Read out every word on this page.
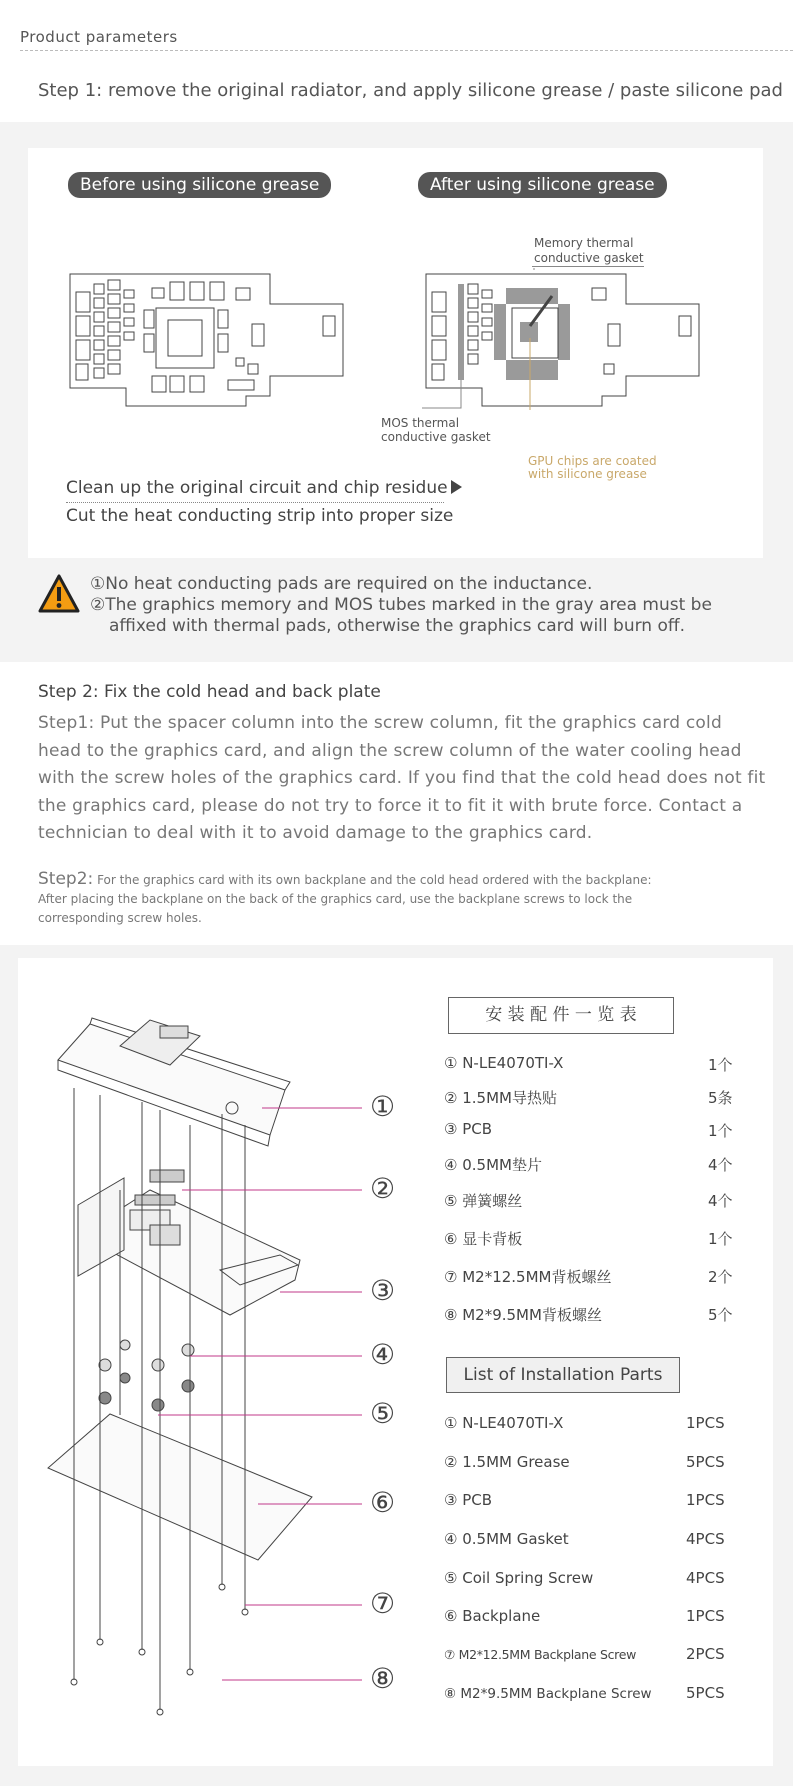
Product parameters
Step 1: remove the original radiator, and apply silicone grease / paste silicone pad
Before using silicone grease	After using silicone grease
Memory thermal
conductive gasket
MOS thermal
conductive gasket
GPU chips are coated
with silicone grease
Clean up the original circuit and chip residue
Cut the heat conducting strip into proper size
①No heat conducting pads are required on the inductance.
②The graphics memory and MOS tubes marked in the gray area must be
affixed with thermal pads, otherwise the graphics card will burn off.
Step 2: Fix the cold head and back plate
Step1: Put the spacer column into the screw column, fit the graphics card cold head to the graphics card, and align the screw column of the water cooling head with the screw holes of the graphics card. If you find that the cold head does not fit the graphics card, please do not try to force it to fit it with brute force. Contact a technician to deal with it to avoid damage to the graphics card.
Step2: For the graphics card with its own backplane and the cold head ordered with the backplane:
After placing the backplane on the back of the graphics card, use the backplane screws to lock the
corresponding screw holes.
①
②
③
④
⑤
⑥
⑦
⑧
安 装 配 件 一 览 表
① N-LE4070TI-X	1个
② 1.5MM导热贴	5条
③ PCB	1个
④ 0.5MM垫片	4个
⑤ 弹簧螺丝	4个
⑥ 显卡背板	1个
⑦ M2*12.5MM背板螺丝	2个
⑧ M2*9.5MM背板螺丝	5个
List of Installation Parts
① N-LE4070TI-X	1PCS
② 1.5MM Grease	5PCS
③ PCB	1PCS
④ 0.5MM Gasket	4PCS
⑤ Coil Spring Screw	4PCS
⑥ Backplane	1PCS
⑦ M2*12.5MM Backplane Screw	2PCS
⑧ M2*9.5MM Backplane Screw 5PCS
